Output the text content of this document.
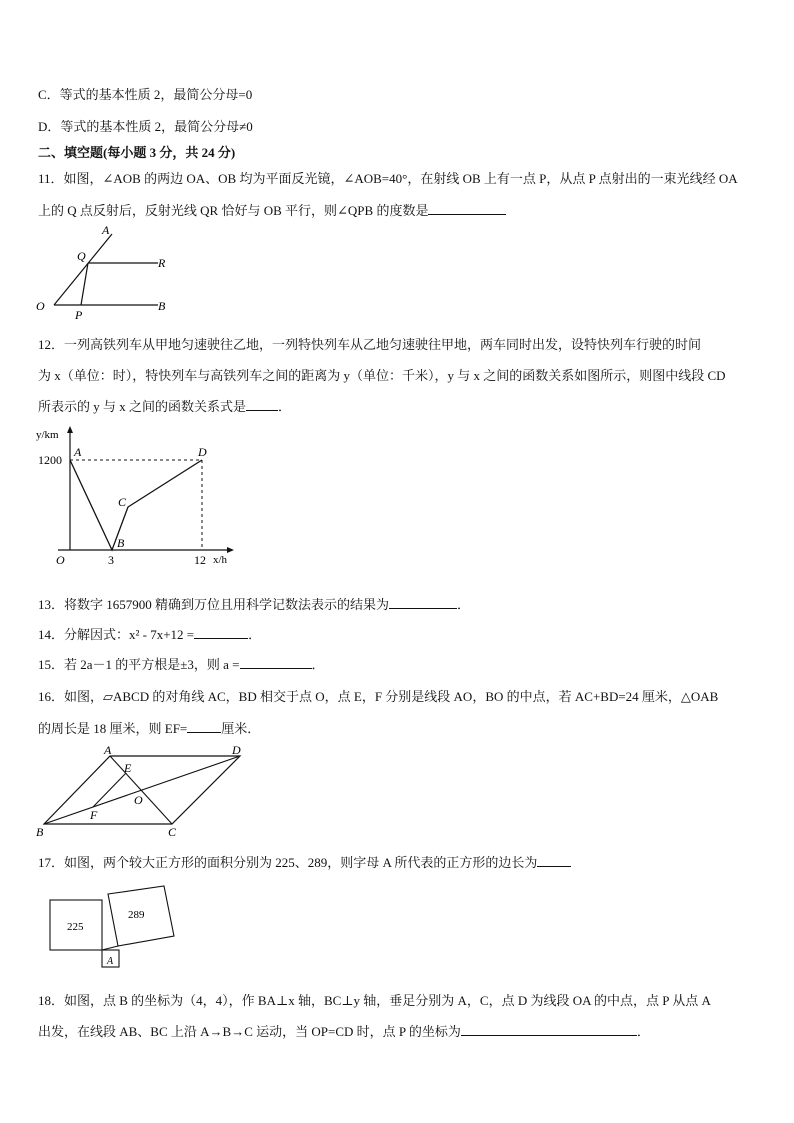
C．等式的基本性质 2，最简公分母=0
D．等式的基本性质 2，最简公分母≠0
二、填空题(每小题 3 分，共 24 分)
11．如图，∠AOB 的两边 OA、OB 均为平面反光镜，∠AOB=40°，在射线 OB 上有一点 P，从点 P 点射出的一束光线经 OA
上的 Q 点反射后，反射光线 QR 恰好与 OB 平行，则∠QPB 的度数是
A
Q	R
O
P
B
12．一列高铁列车从甲地匀速驶往乙地，一列特快列车从乙地匀速驶往甲地，两车同时出发，设特快列车行驶的时间
为 x（单位：时），特快列车与高铁列车之间的距离为 y（单位：千米），y 与 x 之间的函数关系如图所示，则图中线段 CD
所表示的 y 与 x 之间的函数关系式是 ．
y/km
1200
A	D
C
B
O	3	12 x/h
13．将数字 1657900 精确到万位且用科学记数法表示的结果为	．
14．分解因式：x² - 7x+12 =	．
15．若 2a－1 的平方根是±3，则 a =	．
16．如图，▱ABCD 的对角线 AC，BD 相交于点 O，点 E，F 分别是线段 AO，BO 的中点，若 AC+BD=24 厘米，△OAB
的周长是 18 厘米，则 EF=	厘米．
A	D
E
O
F
B	C
17．如图，两个较大正方形的面积分别为 225、289，则字母 A 所代表的正方形的边长为
225
289
A
18．如图，点 B 的坐标为（4，4），作 BA⊥x 轴，BC⊥y 轴，垂足分别为 A，C，点 D 为线段 OA 的中点，点 P 从点 A
出发，在线段 AB、BC 上沿 A→B→C 运动，当 OP=CD 时，点 P 的坐标为	．
